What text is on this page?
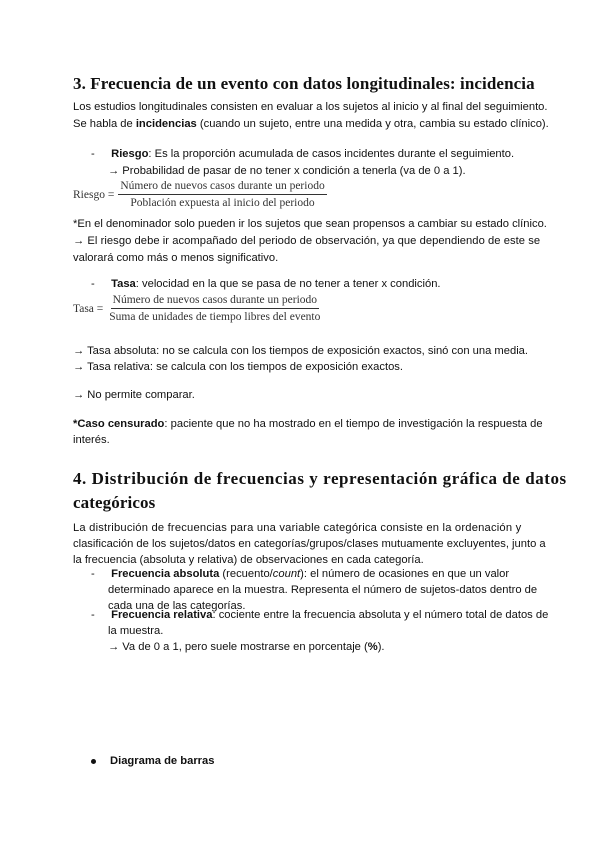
3. Frecuencia de un evento con datos longitudinales: incidencia
Los estudios longitudinales consisten en evaluar a los sujetos al inicio y al final del seguimiento.
Se habla de incidencias (cuando un sujeto, entre una medida y otra, cambia su estado clínico).
- Riesgo: Es la proporción acumulada de casos incidentes durante el seguimiento.
→ Probabilidad de pasar de no tener x condición a tenerla (va de 0 a 1).
Riesgo = $\frac{\text{Número de nuevos casos durante un periodo}}{\text{Población expuesta al inicio del periodo}}$
*En el denominador solo pueden ir los sujetos que sean propensos a cambiar su estado clínico.
→ El riesgo debe ir acompañado del periodo de observación, ya que dependiendo de este se
valorará como más o menos significativo.
- Tasa: velocidad en la que se pasa de no tener a tener x condición.
Tasa = $\frac{\text{Número de nuevos casos durante un periodo}}{\text{Suma de unidades de tiempo libres del evento}}$
→ Tasa absoluta: no se calcula con los tiempos de exposición exactos, sinó con una media.
→ Tasa relativa: se calcula con los tiempos de exposición exactos.
→ No permite comparar.
*Caso censurado: paciente que no ha mostrado en el tiempo de investigación la respuesta de
interés.
4. Distribución de frecuencias y representación gráfica de datos
categóricos
La distribución de frecuencias para una variable categórica consiste en la ordenación y
clasificación de los sujetos/datos en categorías/grupos/clases mutuamente excluyentes, junto a
la frecuencia (absoluta y relativa) de observaciones en cada categoría.
- Frecuencia absoluta (recuento/count): el número de ocasiones en que un valor
determinado aparece en la muestra. Representa el número de sujetos-datos dentro de
cada una de las categorías.
- Frecuencia relativa: cociente entre la frecuencia absoluta y el número total de datos de
la muestra.
→ Va de 0 a 1, pero suele mostrarse en porcentaje (%).
Diagrama de barras
